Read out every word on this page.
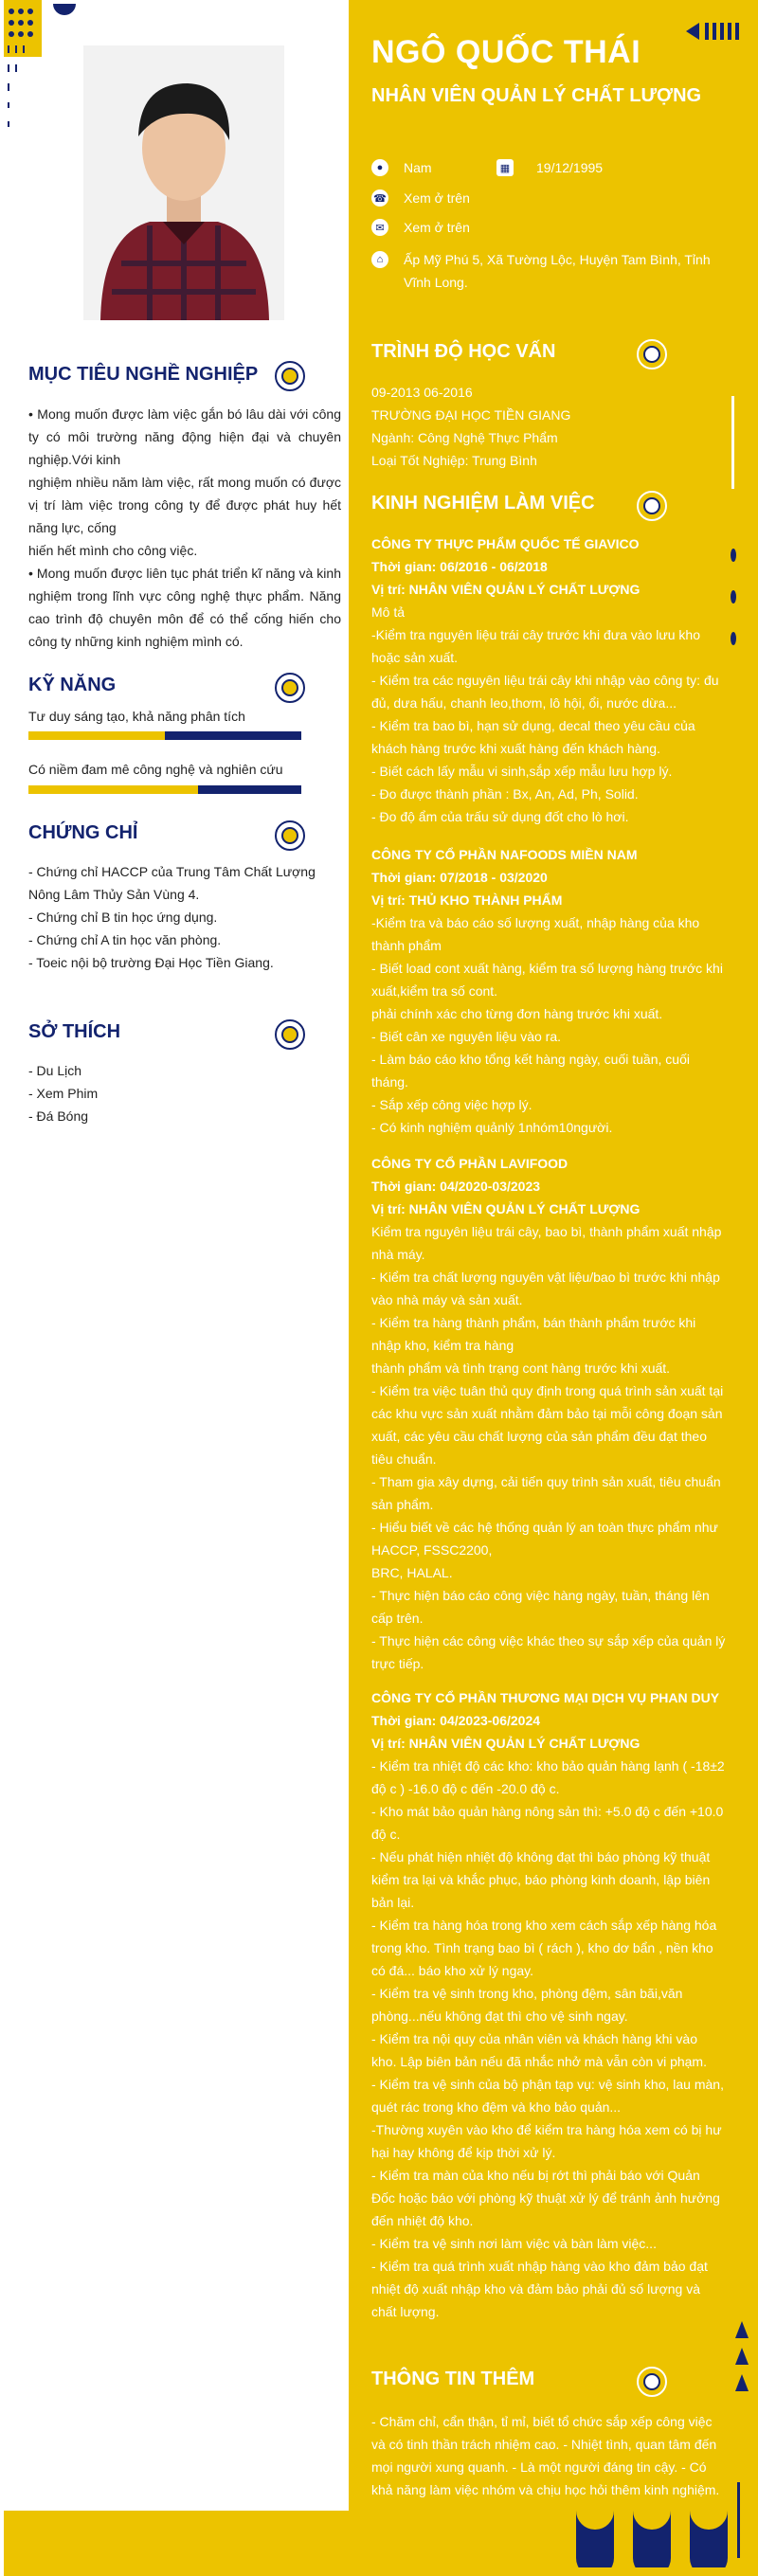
NGÔ QUỐC THÁI
NHÂN VIÊN QUẢN LÝ CHẤT LƯỢNG
●	Nam	▦ 19/12/1995
☎ Xem ở trên
✉	Xem ở trên
⌂	Ấp Mỹ Phú 5, Xã Tường Lộc, Huyện Tam Bình, Tỉnh Vĩnh Long.
MỤC TIÊU NGHỀ NGHIỆP

• Mong muốn được làm việc gắn bó lâu dài với công ty có môi trường năng động hiện đại và chuyên nghiệp.Với kinh

nghiệm nhiều năm làm việc, rất mong muốn có được vị trí làm việc trong công ty để được phát huy hết năng lực, cống

hiến hết mình cho công việc.

• Mong muốn được liên tục phát triển kĩ năng và kinh nghiệm trong lĩnh vực công nghệ thực phẩm. Năng cao trình độ chuyên môn để có thể cống hiến cho công ty những kinh nghiệm mình có.

KỸ NĂNG
Tư duy sáng tạo, khả năng phân tích
Có niềm đam mê công nghệ và nghiên cứu
CHỨNG CHỈ

- Chứng chỉ HACCP của Trung Tâm Chất Lượng Nông Lâm Thủy Sản Vùng 4.

- Chứng chỉ B tin học ứng dụng.

- Chứng chỉ A tin học văn phòng.

- Toeic nội bộ trường Đại Học Tiền Giang.

SỞ THÍCH

- Du Lịch

- Xem Phim

- Đá Bóng

TRÌNH ĐỘ HỌC VẤN

09-2013 06-2016

TRƯỜNG ĐẠI HỌC TIỀN GIANG

Ngành: Công Nghệ Thực Phẩm

Loại Tốt Nghiệp: Trung Bình

KINH NGHIỆM LÀM VIỆC

CÔNG TY THỰC PHẨM QUỐC TẾ GIAVICO

Thời gian: 06/2016 - 06/2018

Vị trí: NHÂN VIÊN QUẢN LÝ CHẤT LƯỢNG

Mô tả

-Kiểm tra nguyên liệu trái cây trước khi đưa vào lưu kho hoặc sản xuất.

- Kiểm tra các nguyên liệu trái cây khi nhập vào công ty: đu đủ, dưa hấu, chanh leo,thơm, lô hội, ổi, nước dừa...

- Kiểm tra bao bì, hạn sử dụng, decal theo yêu cầu của khách hàng trước khi xuất hàng đến khách hàng.

- Biết cách lấy mẫu vi sinh,sắp xếp mẫu lưu hợp lý.

- Đo được thành phần : Bx, An, Ad, Ph, Solid.

- Đo độ ẩm của trấu sử dụng đốt cho lò hơi.

CÔNG TY CỔ PHẦN NAFOODS MIỀN NAM

Thời gian: 07/2018 - 03/2020

Vị trí: THỦ KHO THÀNH PHẨM

-Kiểm tra và báo cáo số lượng xuất, nhập hàng của kho thành phẩm

- Biết load cont xuất hàng, kiểm tra số lượng hàng trước khi xuất,kiểm tra số cont.

phải chính xác cho từng đơn hàng trước khi xuất.

- Biết cân xe nguyên liệu vào ra.

- Làm báo cáo kho tổng kết hàng ngày, cuối tuần, cuối tháng.

- Sắp xếp công việc hợp lý.

- Có kinh nghiệm quảnlý 1nhóm10người.

CÔNG TY CỔ PHẦN LAVIFOOD

Thời gian: 04/2020-03/2023

Vị trí: NHÂN VIÊN QUẢN LÝ CHẤT LƯỢNG

Kiểm tra nguyên liệu trái cây, bao bì, thành phẩm xuất nhập nhà máy.

- Kiểm tra chất lượng nguyên vật liệu/bao bì trước khi nhập vào nhà máy và sản xuất.

- Kiểm tra hàng thành phẩm, bán thành phẩm trước khi nhập kho, kiểm tra hàng

thành phẩm và tình trạng cont hàng trước khi xuất.

- Kiểm tra việc tuân thủ quy định trong quá trình sản xuất tại các khu vực sản xuất nhằm đảm bảo tại mỗi công đoạn sản xuất, các yêu cầu chất lượng của sản phẩm đều đạt theo tiêu chuẩn.

- Tham gia xây dựng, cải tiến quy trình sản xuất, tiêu chuẩn sản phẩm.

- Hiểu biết về các hệ thống quản lý an toàn thực phẩm như HACCP, FSSC2200,

BRC, HALAL.

- Thực hiện báo cáo công việc hàng ngày, tuần, tháng lên cấp trên.

- Thực hiện các công việc khác theo sự sắp xếp của quản lý trực tiếp.

CÔNG TY CỔ PHẦN THƯƠNG MẠI DỊCH VỤ PHAN DUY

Thời gian: 04/2023-06/2024

Vị trí: NHÂN VIÊN QUẢN LÝ CHẤT LƯỢNG

- Kiểm tra nhiệt độ các kho: kho bảo quản hàng lạnh ( -18±2 độ c ) -16.0 độ c đến -20.0 độ c.

- Kho mát bảo quản hàng nông sản thì: +5.0 độ c đến +10.0 độ c.

- Nếu phát hiện nhiệt độ không đạt thì báo phòng kỹ thuật kiểm tra lại và khắc phục, báo phòng kinh doanh, lập biên bản lại.

- Kiểm tra hàng hóa trong kho xem cách sắp xếp hàng hóa trong kho. Tình trạng bao bì ( rách ), kho dơ bẩn , nền kho có đá... báo kho xử lý ngay.

- Kiểm tra vệ sinh trong kho, phòng đệm, sân bãi,văn phòng...nếu không đạt thì cho vệ sinh ngay.

- Kiểm tra nội quy của nhân viên và khách hàng khi vào kho. Lập biên bản nếu đã nhắc nhở mà vẫn còn vi phạm.

- Kiểm tra vệ sinh của bộ phận tạp vụ: vệ sinh kho, lau màn, quét rác trong kho đệm và kho bảo quản...

-Thường xuyên vào kho để kiểm tra hàng hóa xem có bị hư hại hay không để kịp thời xử lý.

- Kiểm tra màn của kho nếu bị rớt thì phải báo với Quản Đốc hoặc báo với phòng kỹ thuật xử lý để tránh ảnh hưởng đến nhiệt độ kho.

- Kiểm tra vệ sinh nơi làm việc và bàn làm việc...

- Kiểm tra quá trình xuất nhập hàng vào kho đảm bảo đạt nhiệt độ xuất nhập kho và đảm bảo phải đủ số lượng và chất lượng.

THÔNG TIN THÊM
- Chăm chỉ, cẩn thận, tỉ mỉ, biết tổ chức sắp xếp công việc và có tinh thần trách nhiệm cao. - Nhiệt tình, quan tâm đến mọi người xung quanh. - Là một người đáng tin cậy. - Có khả năng làm việc nhóm và chịu học hỏi thêm kinh nghiệm.
